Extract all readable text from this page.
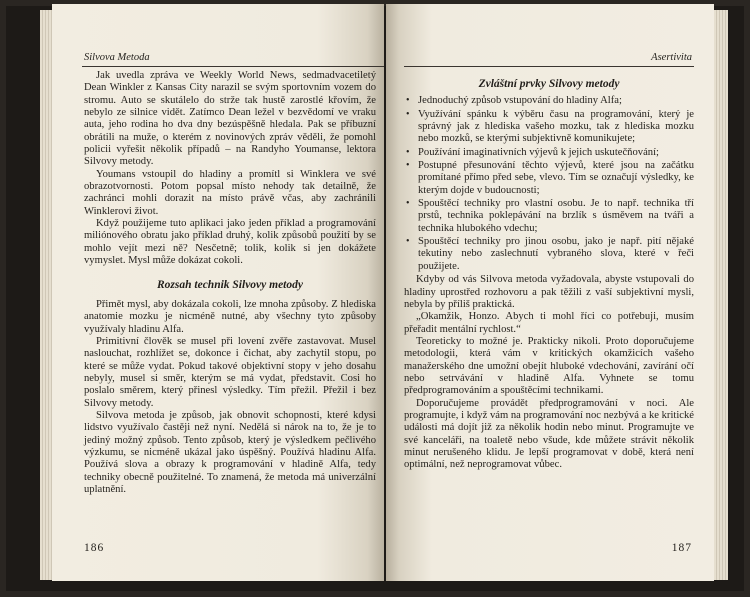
Silvova Metoda

Jak uvedla zpráva ve Weekly World News, sedmadvacetiletý Dean Winkler z Kansas City narazil se svým sportovním vozem do stromu. Auto se skutálelo do strže tak hustě zarostlé křovím, že nebylo ze silnice vidět. Zatímco Dean ležel v bezvědomí ve vraku auta, jeho rodina ho dva dny bezúspěšně hledala. Pak se příbuzní obrátili na muže, o kterém z novinových zpráv věděli, že pomohl policii vyřešit několik případů – na Randyho Youmanse, lektora Silvovy metody.

Youmans vstoupil do hladiny a promítl si Winklera ve své obrazotvornosti. Potom popsal místo nehody tak detailně, že zachránci mohli dorazit na místo právě včas, aby zachránili Winklerovi život.

Když použijeme tuto aplikaci jako jeden příklad a programování miliónového obratu jako příklad druhý, kolik způsobů použití by se mohlo vejít mezi ně? Nesčetně; tolik, kolik si jen dokážete vymyslet. Mysl může dokázat cokoli.

Rozsah technik Silvovy metody

Přimět mysl, aby dokázala cokoli, lze mnoha způsoby. Z hlediska anatomie mozku je nicméně nutné, aby všechny tyto způsoby využívaly hladinu Alfa.

Primitivní člověk se musel při lovení zvěře zastavovat. Musel naslouchat, rozhlížet se, dokonce i čichat, aby zachytil stopu, po které se může vydat. Pokud takové objektivní stopy v jeho dosahu nebyly, musel si směr, kterým se má vydat, představit. Cosi ho poslalo směrem, který přinesl výsledky. Tím přežil. Přežil i bez Silvovy metody.

Silvova metoda je způsob, jak obnovit schopnosti, které kdysi lidstvo využívalo častěji než nyní. Nedělá si nárok na to, že je to jediný možný způsob. Tento způsob, který je výsledkem pečlivého výzkumu, se nicméně ukázal jako úspěšný. Používá hladinu Alfa. Používá slova a obrazy k programování v hladině Alfa, tedy techniky obecně použitelné. To znamená, že metoda má univerzální uplatnění.

186
Asertivita
Zvláštní prvky Silvovy metody
• Jednoduchý způsob vstupování do hladiny Alfa;
• Využívání spánku k výběru času na programování, který je správný jak z hlediska vašeho mozku, tak z hlediska mozku nebo mozků, se kterými subjektivně komunikujete;
• Používání imaginativních výjevů k jejich uskutečňování;
• Postupné přesunování těchto výjevů, které jsou na začátku promítané přímo před sebe, vlevo. Tím se označují výsledky, ke kterým dojde v budoucnosti;
• Spouštěcí techniky pro vlastní osobu. Je to např. technika tří prstů, technika poklepávání na brzlík s úsměvem na tváři a technika hlubokého vdechu;
• Spouštěcí techniky pro jinou osobu, jako je např. pití nějaké tekutiny nebo zaslechnutí vybraného slova, které v řeči použijete.

Kdyby od vás Silvova metoda vyžadovala, abyste vstupovali do hladiny uprostřed rozhovoru a pak těžili z vaší subjektivní mysli, nebyla by příliš praktická.

„Okamžik, Honzo. Abych ti mohl říci co potřebuji, musím přeřadit mentální rychlost.“

Teoreticky to možné je. Prakticky nikoli. Proto doporučujeme metodologii, která vám v kritických okamžicích vašeho manažerského dne umožní obejít hluboké vdechování, zavírání očí nebo setrvávání v hladině Alfa. Vyhnete se tomu předprogramováním a spouštěcími technikami.

Doporučujeme provádět předprogramování v noci. Ale programujte, i když vám na programování noc nezbývá a ke kritické události má dojít již za několik hodin nebo minut. Programujte ve své kanceláři, na toaletě nebo všude, kde můžete strávit několik minut nerušeného klidu. Je lepší programovat v době, která není optimální, než neprogramovat vůbec.

187
